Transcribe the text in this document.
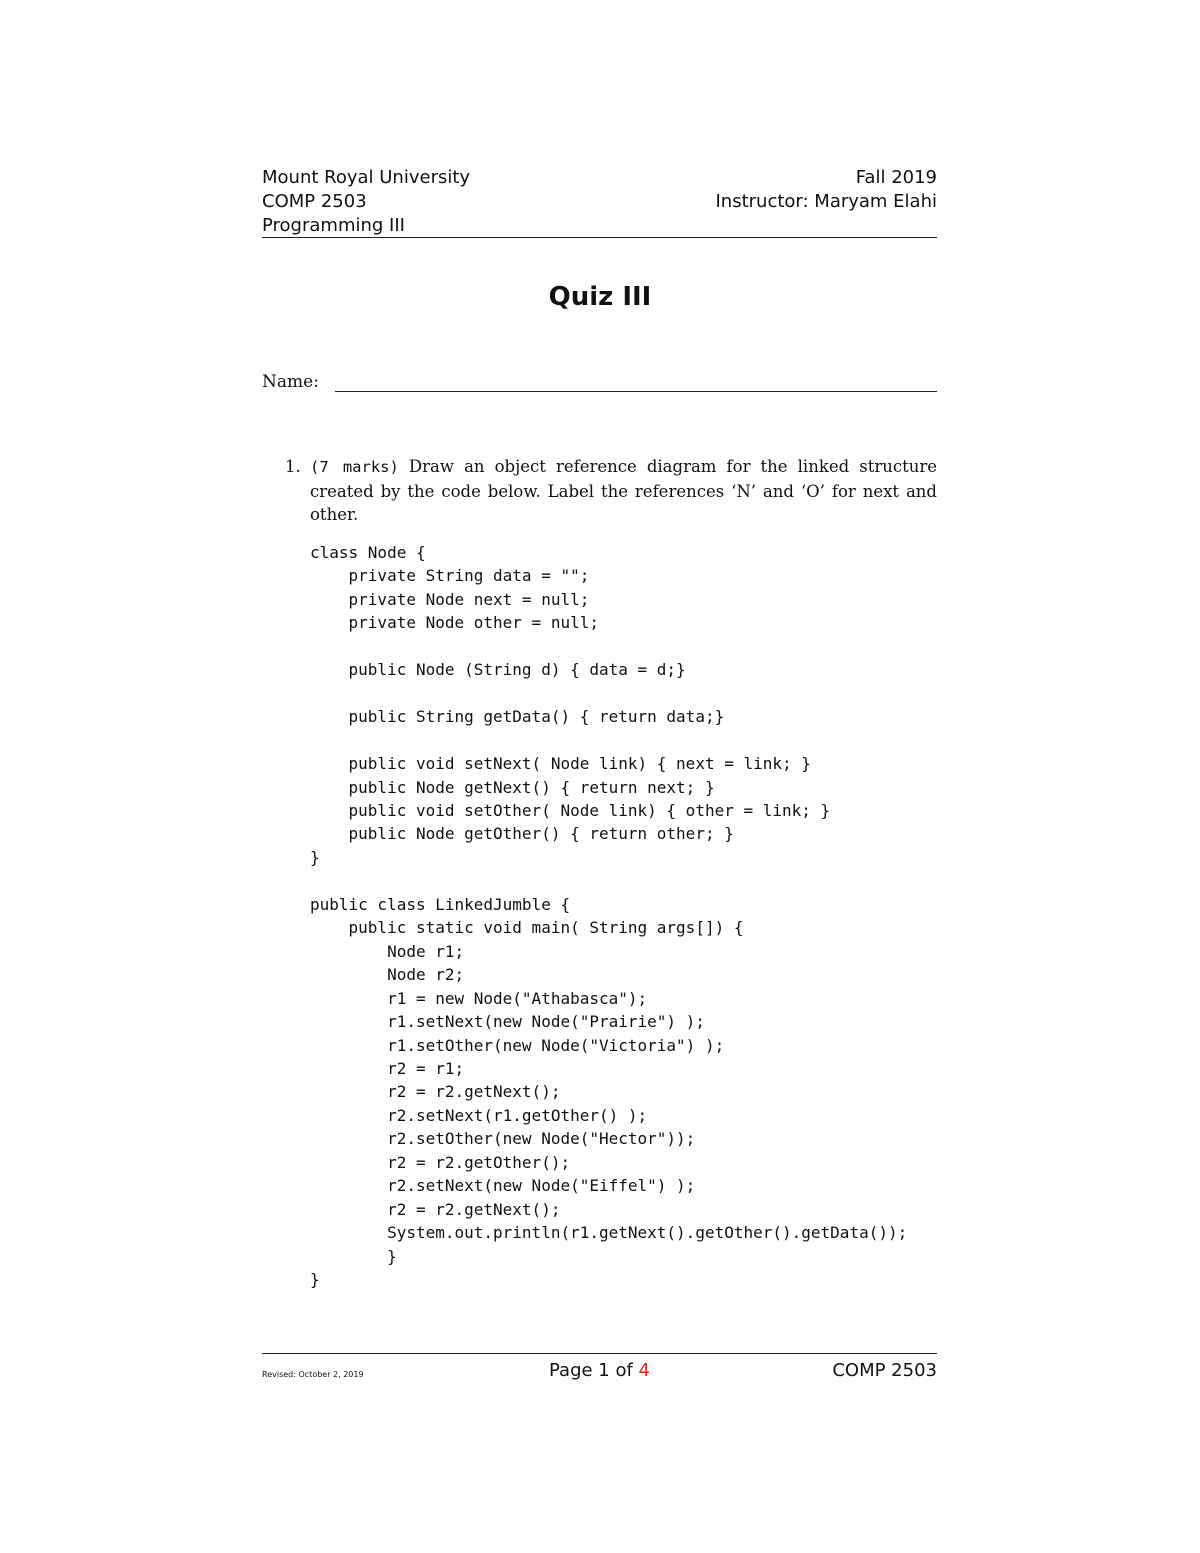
Mount Royal University	Fall 2019
COMP 2503	Instructor: Maryam Elahi
Programming III
Quiz III
Name:
1. (7 marks) Draw an object reference diagram for the linked structure created by the code below. Label the references ‘N’ and ‘O’ for next and other.
class Node {
private String data = "";
private Node next = null;
private Node other = null;

public Node (String d) { data = d;}

public String getData() { return data;}

public void setNext( Node link) { next = link; }
public Node getNext() { return next; }
public void setOther( Node link) { other = link; }
public Node getOther() { return other; }
}

public class LinkedJumble {
public static void main( String args[]) {
Node r1;
Node r2;
r1 = new Node("Athabasca");
r1.setNext(new Node("Prairie") );
r1.setOther(new Node("Victoria") );
r2 = r1;
r2 = r2.getNext();
r2.setNext(r1.getOther() );
r2.setOther(new Node("Hector"));
r2 = r2.getOther();
r2.setNext(new Node("Eiffel") );
r2 = r2.getNext();
System.out.println(r1.getNext().getOther().getData());
}
}
Revised: October 2, 2019	Page 1 of 4	COMP 2503
